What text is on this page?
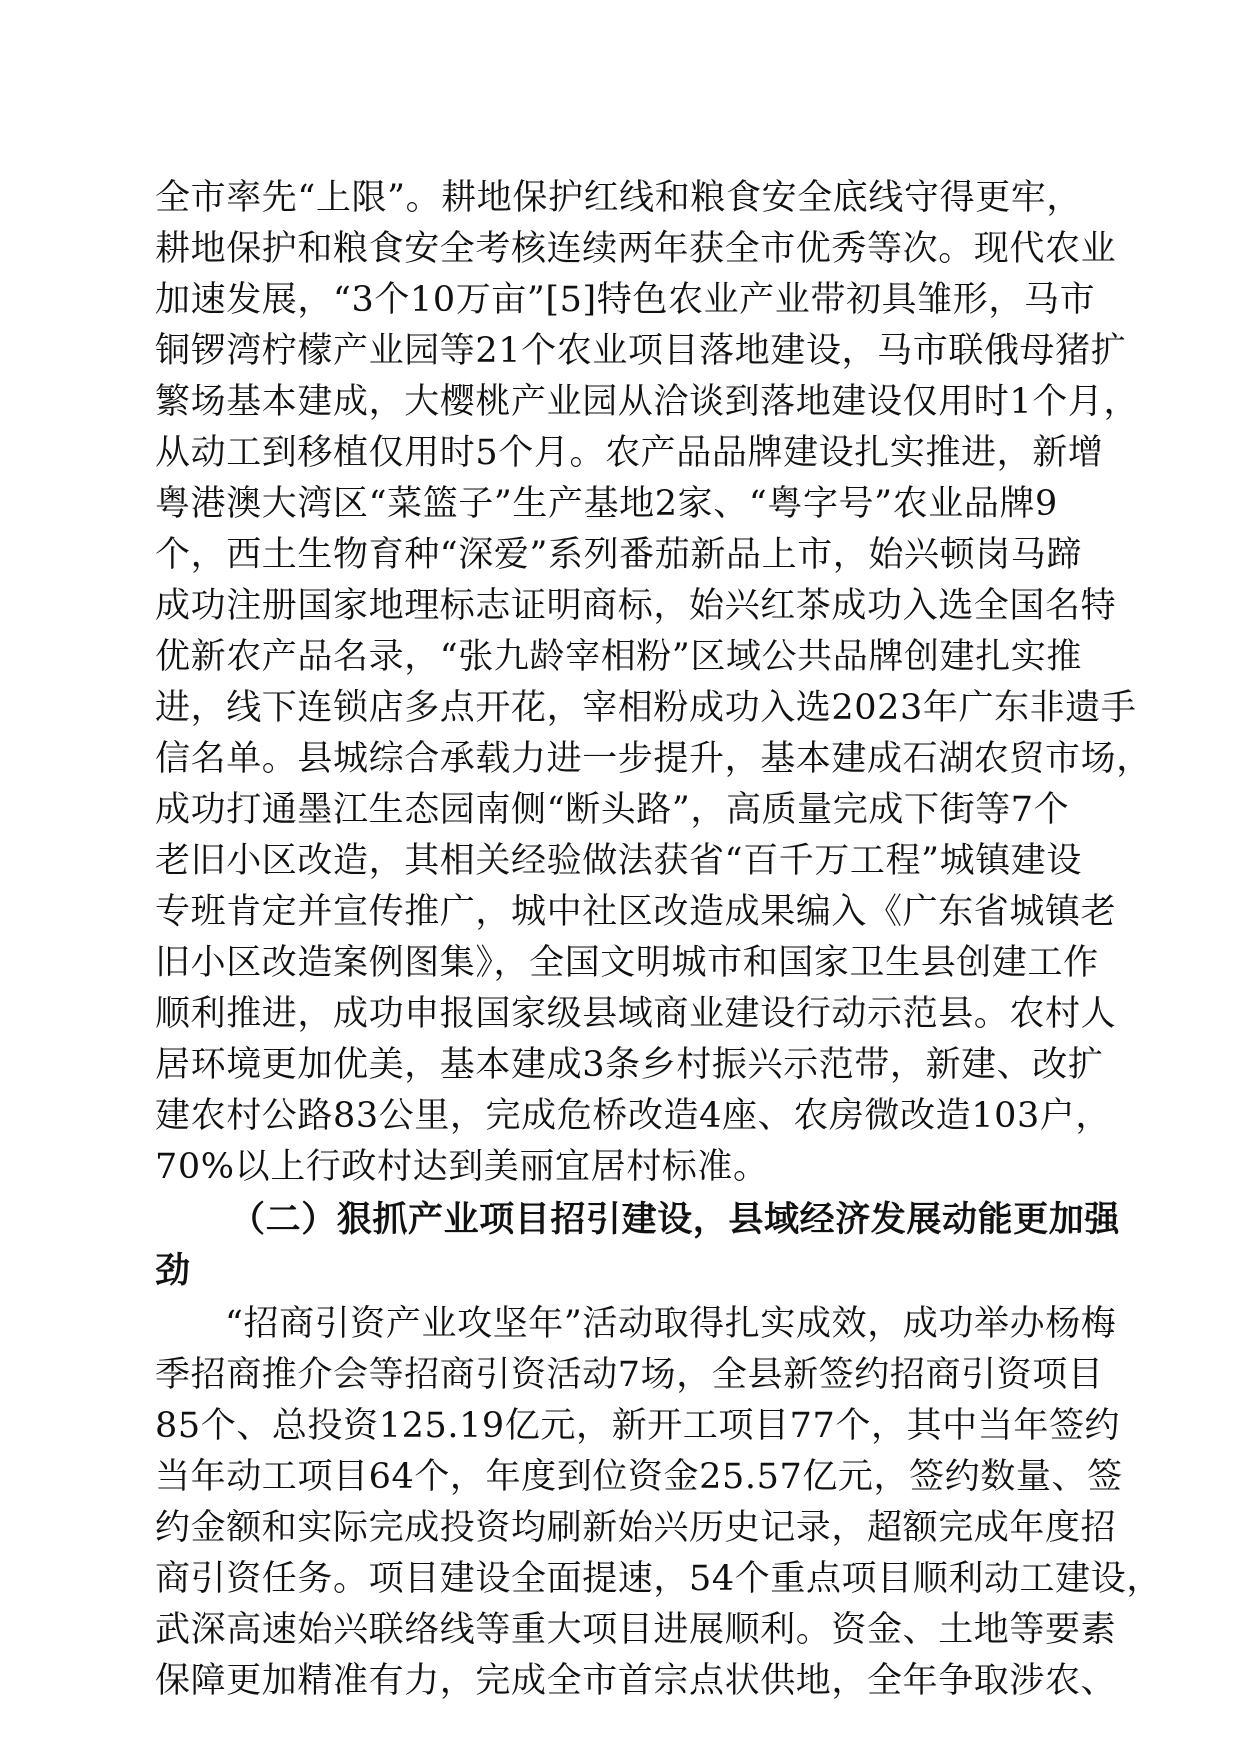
全市率先“上限”。耕地保护红线和粮食安全底线守得更牢，
耕地保护和粮食安全考核连续两年获全市优秀等次。现代农业
加速发展，“3个10万亩”[5]特色农业产业带初具雏形，马市
铜锣湾柠檬产业园等21个农业项目落地建设，马市联俄母猪扩
繁场基本建成，大樱桃产业园从洽谈到落地建设仅用时1个月，
从动工到移植仅用时5个月。农产品品牌建设扎实推进，新增
粤港澳大湾区“菜篮子”生产基地2家、“粤字号”农业品牌9
个，西土生物育种“深爱”系列番茄新品上市，始兴顿岗马蹄
成功注册国家地理标志证明商标，始兴红茶成功入选全国名特
优新农产品名录，“张九龄宰相粉”区域公共品牌创建扎实推
进，线下连锁店多点开花，宰相粉成功入选2023年广东非遗手
信名单。县城综合承载力进一步提升，基本建成石湖农贸市场，
成功打通墨江生态园南侧“断头路”，高质量完成下街等7个
老旧小区改造，其相关经验做法获省“百千万工程”城镇建设
专班肯定并宣传推广，城中社区改造成果编入《广东省城镇老
旧小区改造案例图集》，全国文明城市和国家卫生县创建工作
顺利推进，成功申报国家级县域商业建设行动示范县。农村人
居环境更加优美，基本建成3条乡村振兴示范带，新建、改扩
建农村公路83公里，完成危桥改造4座、农房微改造103户，
70%以上行政村达到美丽宜居村标准。
（二）狠抓产业项目招引建设，县域经济发展动能更加强
劲
“招商引资产业攻坚年”活动取得扎实成效，成功举办杨梅
季招商推介会等招商引资活动7场，全县新签约招商引资项目
85个、总投资125.19亿元，新开工项目77个，其中当年签约
当年动工项目64个，年度到位资金25.57亿元，签约数量、签
约金额和实际完成投资均刷新始兴历史记录，超额完成年度招
商引资任务。项目建设全面提速，54个重点项目顺利动工建设，
武深高速始兴联络线等重大项目进展顺利。资金、土地等要素
保障更加精准有力，完成全市首宗点状供地，全年争取涉农、
